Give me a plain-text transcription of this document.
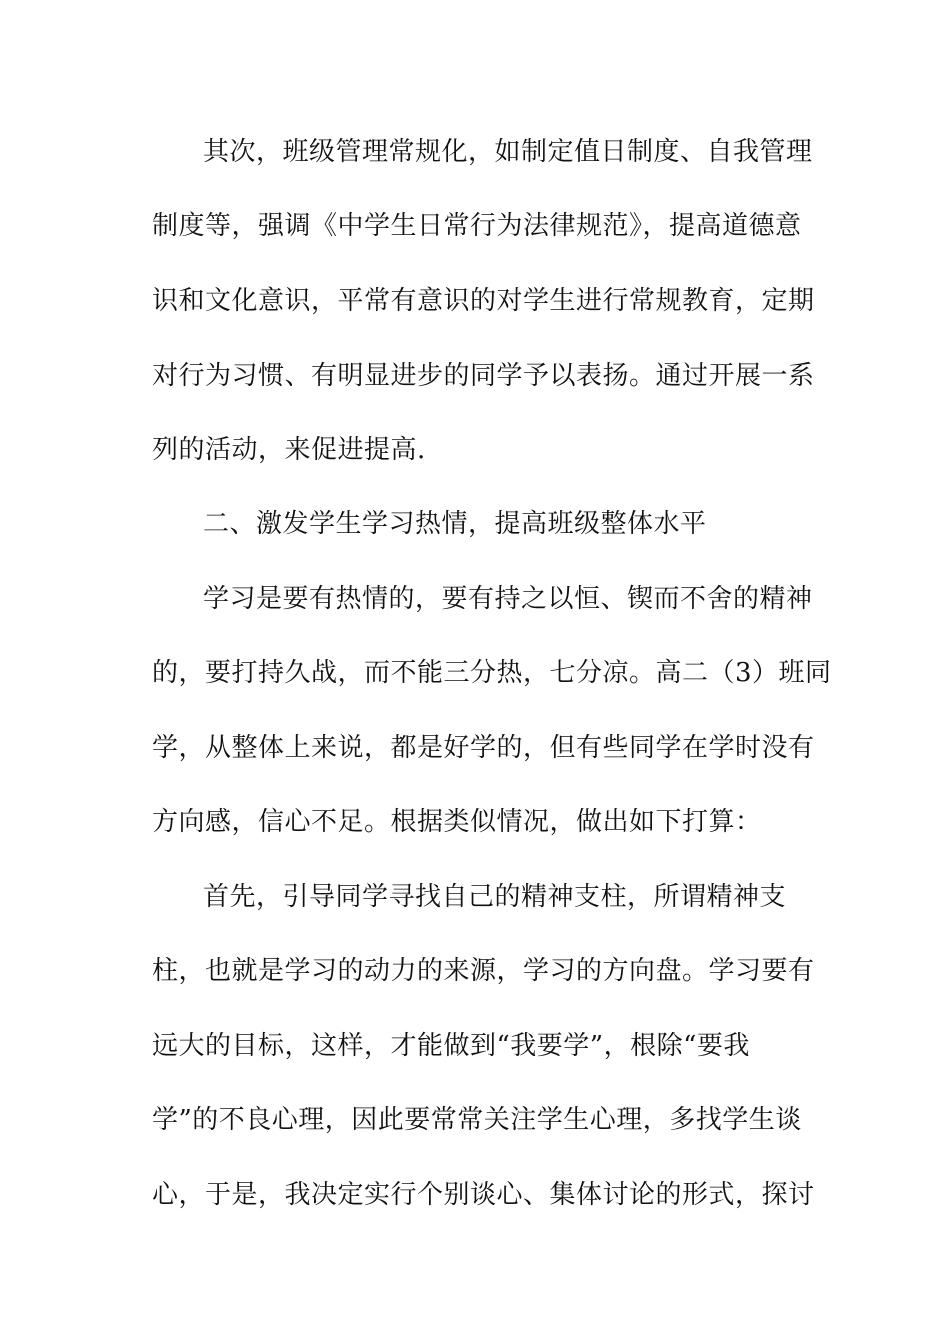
其次，班级管理常规化，如制定值日制度、自我管理
制度等，强调《中学生日常行为法律规范》，提高道德意
识和文化意识，平常有意识的对学生进行常规教育，定期
对行为习惯、有明显进步的同学予以表扬。通过开展一系
列的活动，来促进提高.
二、激发学生学习热情，提高班级整体水平
学习是要有热情的，要有持之以恒、锲而不舍的精神
的，要打持久战，而不能三分热，七分凉。高二（3）班同
学，从整体上来说，都是好学的，但有些同学在学时没有
方向感，信心不足。根据类似情况，做出如下打算：
首先，引导同学寻找自己的精神支柱，所谓精神支
柱，也就是学习的动力的来源，学习的方向盘。学习要有
远大的目标，这样，才能做到“我要学”，根除“要我
学”的不良心理，因此要常常关注学生心理，多找学生谈
心，于是，我决定实行个别谈心、集体讨论的形式，探讨
